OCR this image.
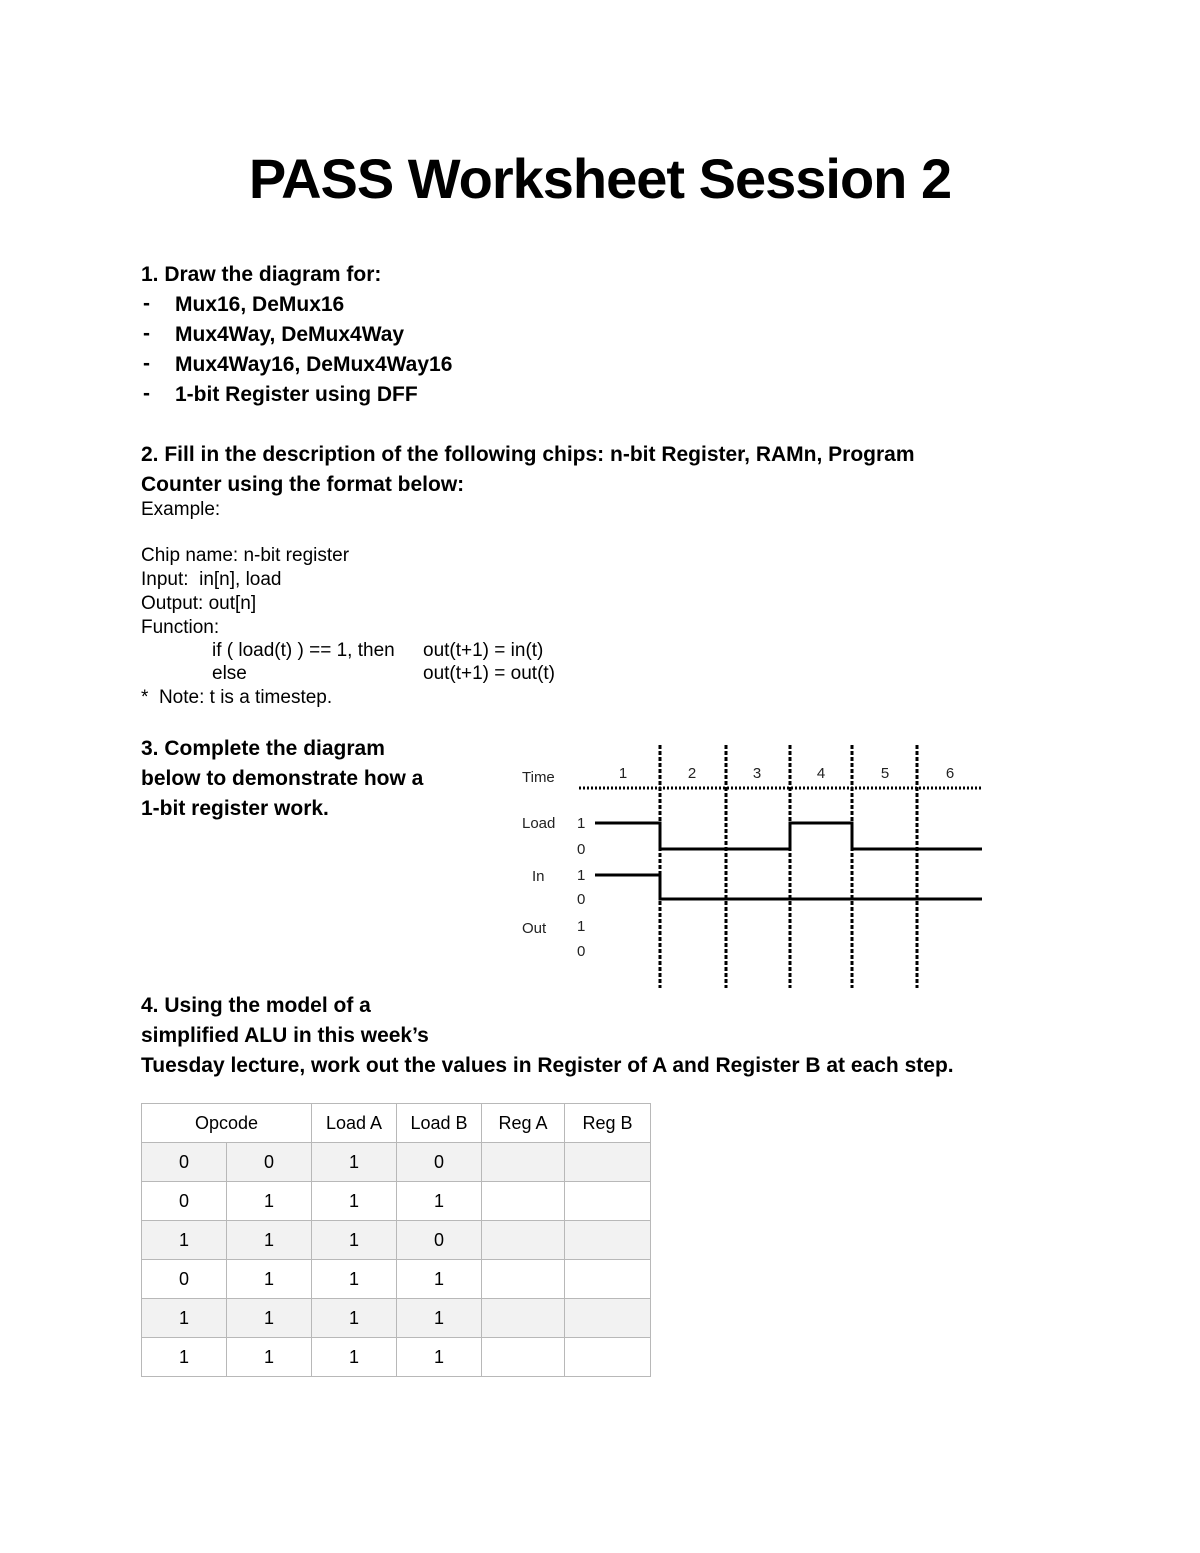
PASS Worksheet Session 2
1. Draw the diagram for:
- Mux16, DeMux16
- Mux4Way, DeMux4Way
- Mux4Way16, DeMux4Way16
- 1-bit Register using DFF
2. Fill in the description of the following chips: n-bit Register, RAMn, Program
Counter using the format below:
Example:
Chip name: n-bit register
Input:  in[n], load
Output: out[n]
Function:
if ( load(t) ) == 1, then out(t+1) = in(t)
else	out(t+1) = out(t)
*  Note: t is a timestep.
3. Complete the diagram
below to demonstrate how a
1-bit register work.
Time	1	2	3	4	5	6
Load 1
0
In 1
0
Out 1
0
4. Using the model of a
simplified ALU in this week’s
Tuesday lecture, work out the values in Register of A and Register B at each step.
Opcode		Load A	Load B	Reg A	Reg B
0	0	1	0		
0	1	1	1		
1	1	1	0		
0	1	1	1		
1	1	1	1		
1	1	1	1		
